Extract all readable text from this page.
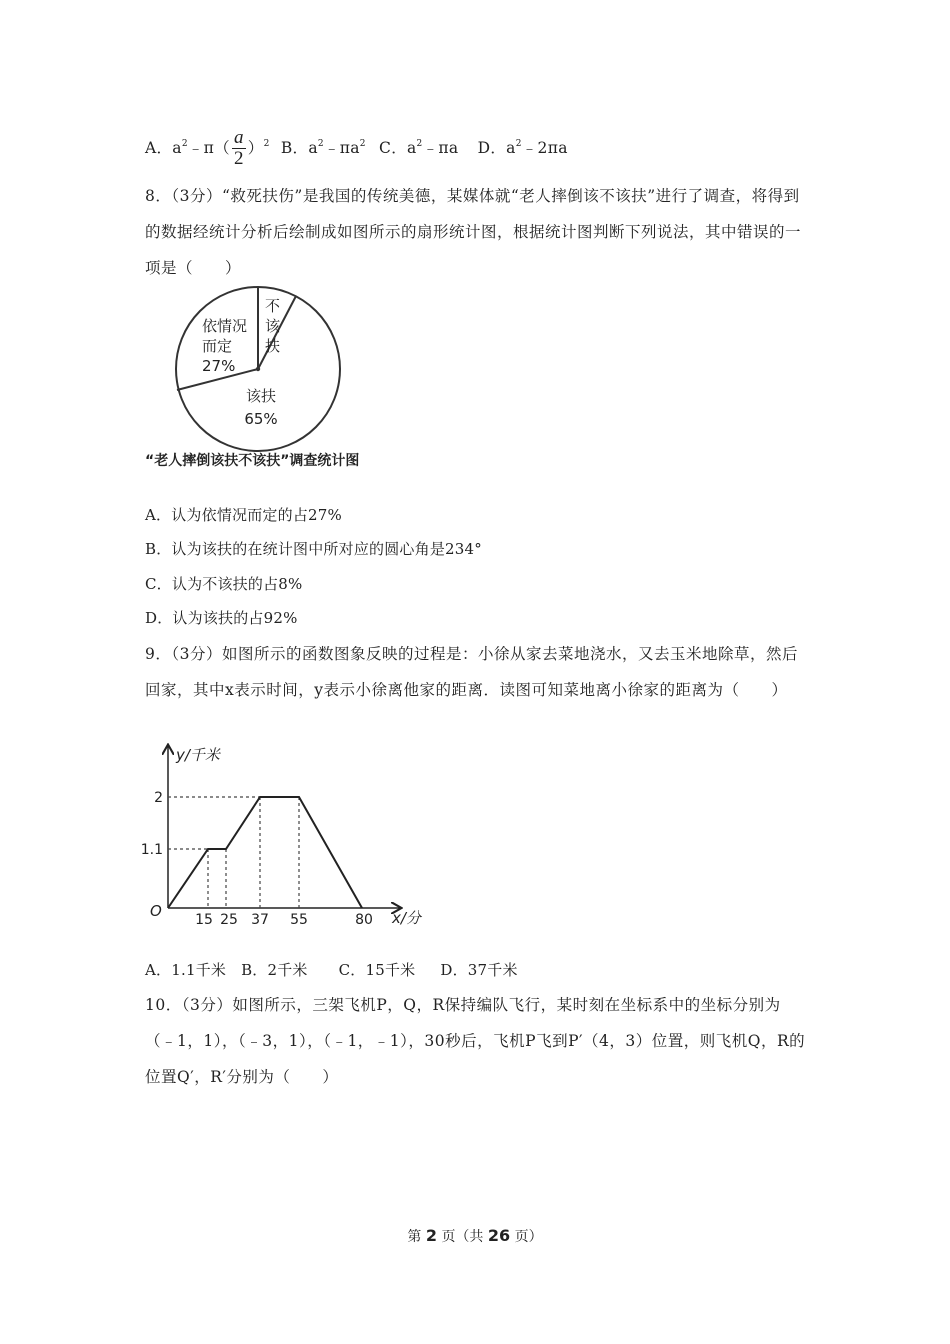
A．$a^2﹣\pi( \frac{a}{2} )^2$ B．$a^2﹣\pi a^2$ C．$a^2﹣\pi a$ D．$a^2﹣2\pi a$
8．（3分）“救死扶伤”是我国的传统美德，某媒体就“老人摔倒该不该扶”进行了调查，将得到的数据经统计分析后绘制成如图所示的扇形统计图，根据统计图判断下列说法，其中错误的一项是（　　）
依情况
而定
27%
不
该
扶
该扶
65%
“老人摔倒该扶不该扶”调查统计图
A．认为依情况而定的占27%
B．认为该扶的在统计图中所对应的圆心角是234°
C．认为不该扶的占8%
D．认为该扶的占92%
9．（3分）如图所示的函数图象反映的过程是：小徐从家去菜地浇水，又去玉米地除草，然后回家，其中x表示时间，y表示小徐离他家的距离．读图可知菜地离小徐家的距离为（　　）
y/千米
x/分
O
2
1.1
15 25 37 55	80
A．1.1千米 B．2千米 C．15千米 D．37千米
10．（3分）如图所示，三架飞机P，Q，R保持编队飞行，某时刻在坐标系中的坐标分别为（﹣1，1），（﹣3，1），（﹣1，﹣1），30秒后，飞机P飞到P′（4，3）位置，则飞机Q，R的位置Q′，R′分别为（　　）
第 2 页（共 26 页）
